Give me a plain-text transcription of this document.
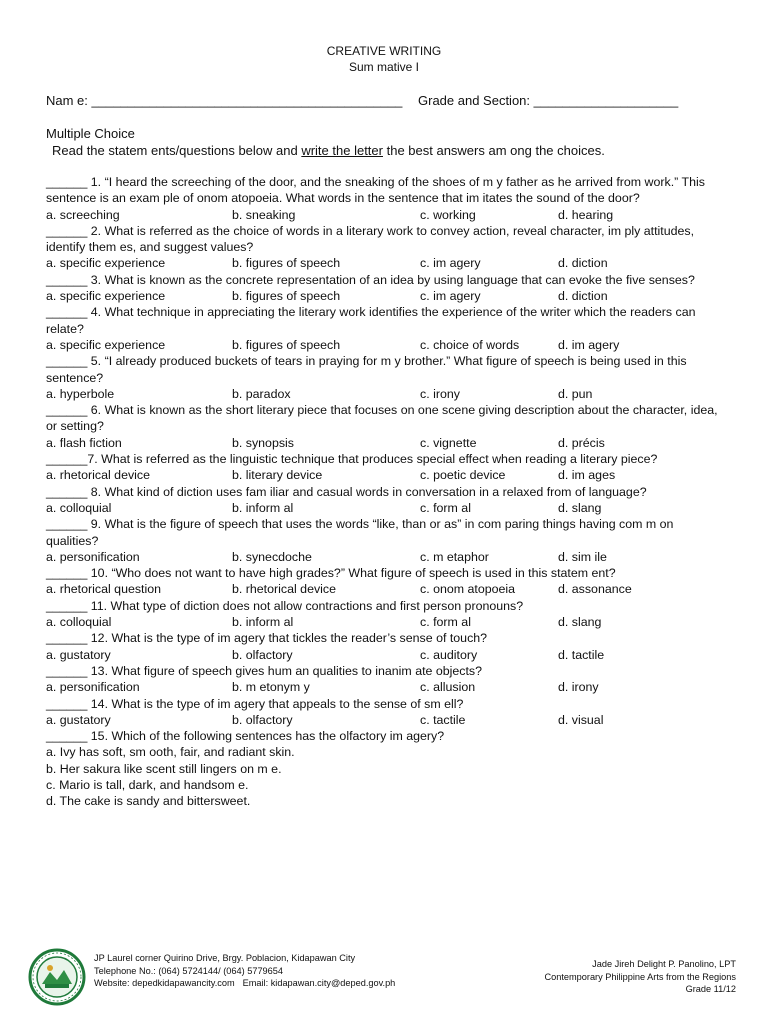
CREATIVE WRITING
Sum mative I
Nam e: ___________________________________________ Grade and Section: ____________________
Multiple Choice
Read the statem ents/questions below and write the letter the best answers am ong the choices.

______ 1. “I heard the screeching of the door, and the sneaking of the shoes of m y father as he arrived from work.” This sentence is an exam ple of onom atopoeia. What words in the sentence that im itates the sound of the door?

a. screeching	b. sneaking	c. working	d. hearing

______ 2. What is referred as the choice of words in a literary work to convey action, reveal character, im ply attitudes, identify them es, and suggest values?

a. specific experience	b. figures of speech	c. im agery	d. diction

______ 3. What is known as the concrete representation of an idea by using language that can evoke the five senses?

a. specific experience	b. figures of speech	c. im agery	d. diction

______ 4. What technique in appreciating the literary work identifies the experience of the writer which the readers can relate?

a. specific experience	b. figures of speech	c. choice of words	d. im agery

______ 5. “I already produced buckets of tears in praying for m y brother.” What figure of speech is being used in this sentence?

a. hyperbole	b. paradox	c. irony	d. pun

______ 6. What is known as the short literary piece that focuses on one scene giving description about the character, idea, or setting?

a. flash fiction	b. synopsis	c. vignette	d. précis

______7. What is referred as the linguistic technique that produces special effect when reading a literary piece?

a. rhetorical device	b. literary device	c. poetic device	d. im ages

______ 8. What kind of diction uses fam iliar and casual words in conversation in a relaxed from of language?

a. colloquial	b. inform al	c. form al	d. slang

______ 9. What is the figure of speech that uses the words “like, than or as” in com paring things having com m on qualities?

a. personification	b. synecdoche	c. m etaphor	d. sim ile

______ 10. “Who does not want to have high grades?” What figure of speech is used in this statem ent?

a. rhetorical question	b. rhetorical device	c. onom atopoeia	d. assonance

______ 11. What type of diction does not allow contractions and first person pronouns?

a. colloquial	b. inform al	c. form al	d. slang

______ 12. What is the type of im agery that tickles the reader’s sense of touch?

a. gustatory	b. olfactory	c. auditory	d. tactile

______ 13. What figure of speech gives hum an qualities to inanim ate objects?

a. personification	b. m etonym y	c. allusion	d. irony

______ 14. What is the type of im agery that appeals to the sense of sm ell?

a. gustatory	b. olfactory	c. tactile	d. visual

______ 15. Which of the following sentences has the olfactory im agery?

a. Ivy has soft, sm ooth, fair, and radiant skin.

b. Her sakura like scent still lingers on m e.

c. Mario is tall, dark, and handsom e.

d. The cake is sandy and bittersweet.

JP Laurel corner Quirino Drive, Brgy. Poblacion, Kidapawan City
Telephone No.: (064) 5724144/ (064) 5779654
Website: depedkidapawancity.com Email: kidapawan.city@deped.gov.ph
Jade Jireh Delight P. Panolino, LPT
Contemporary Philippine Arts from the Regions
Grade 11/12
